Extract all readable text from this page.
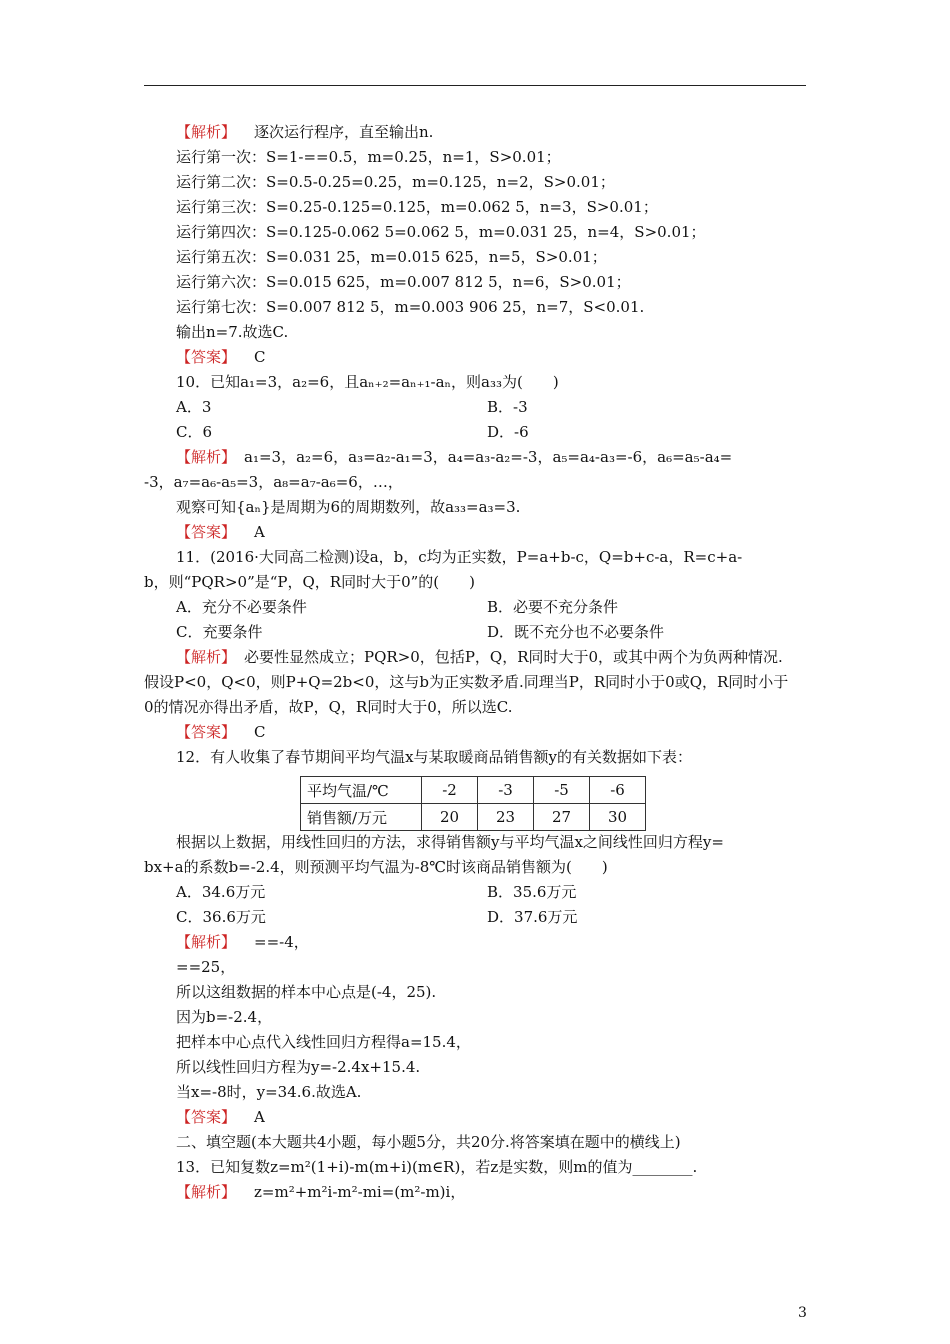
【解析】 逐次运行程序，直至输出n.
运行第一次：S=1-==0.5，m=0.25，n=1，S>0.01；
运行第二次：S=0.5-0.25=0.25，m=0.125，n=2，S>0.01；
运行第三次：S=0.25-0.125=0.125，m=0.062 5，n=3，S>0.01；
运行第四次：S=0.125-0.062 5=0.062 5，m=0.031 25，n=4，S>0.01；
运行第五次：S=0.031 25，m=0.015 625，n=5，S>0.01；
运行第六次：S=0.015 625，m=0.007 812 5，n=6，S>0.01；
运行第七次：S=0.007 812 5，m=0.003 906 25，n=7，S<0.01.
输出n=7.故选C.
【答案】 C
10．已知a₁=3，a₂=6，且aₙ₊₂=aₙ₊₁-aₙ，则a₃₃为(　　)
A．3	B．-3
C．6	D．-6
【解析】 a₁=3，a₂=6，a₃=a₂-a₁=3，a₄=a₃-a₂=-3，a₅=a₄-a₃=-6，a₆=a₅-a₄=
-3，a₇=a₆-a₅=3，a₈=a₇-a₆=6，…，
观察可知{aₙ}是周期为6的周期数列，故a₃₃=a₃=3.
【答案】 A
11．(2016·大同高二检测)设a，b，c均为正实数，P=a+b-c，Q=b+c-a，R=c+a-
b，则“PQR>0”是“P，Q，R同时大于0”的(　　)
A．充分不必要条件	B．必要不充分条件
C．充要条件	D．既不充分也不必要条件
【解析】 必要性显然成立；PQR>0，包括P，Q，R同时大于0，或其中两个为负两种情况.
假设P<0，Q<0，则P+Q=2b<0，这与b为正实数矛盾.同理当P，R同时小于0或Q，R同时小于
0的情况亦得出矛盾，故P，Q，R同时大于0，所以选C.
【答案】 C
12．有人收集了春节期间平均气温x与某取暖商品销售额y的有关数据如下表：
根据以上数据，用线性回归的方法，求得销售额y与平均气温x之间线性回归方程y=
bx+a的系数b=-2.4，则预测平均气温为-8℃时该商品销售额为(　　)
A．34.6万元	B．35.6万元
C．36.6万元	D．37.6万元
【解析】 ==-4，
==25，
所以这组数据的样本中心点是(-4，25).
因为b=-2.4，
把样本中心点代入线性回归方程得a=15.4，
所以线性回归方程为y=-2.4x+15.4.
当x=-8时，y=34.6.故选A.
【答案】 A
二、填空题(本大题共4小题，每小题5分，共20分.将答案填在题中的横线上)
13．已知复数z=m²(1+i)-m(m+i)(m∈R)，若z是实数，则m的值为________.
【解析】 z=m²+m²i-m²-mi=(m²-m)i，
平均气温/℃	-2	-3	-5	-6
销售额/万元	20	23	27	30
3
